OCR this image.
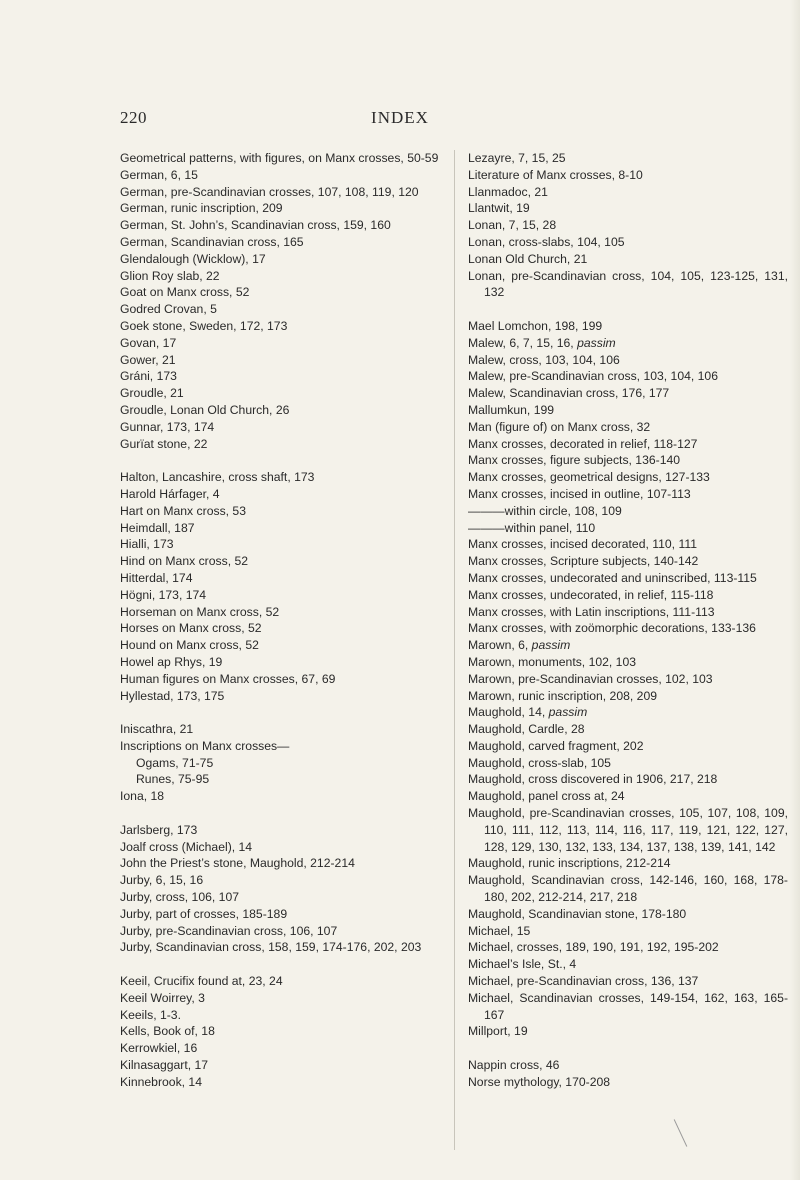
220	INDEX

Geometrical patterns, with figures, on Manx crosses, 50-59

German, 6, 15

German, pre-Scandinavian crosses, 107, 108, 119, 120

German, runic inscription, 209

German, St. John’s, Scandinavian cross, 159, 160

German, Scandinavian cross, 165

Glendalough (Wicklow), 17

Glion Roy slab, 22

Goat on Manx cross, 52

Godred Crovan, 5

Goek stone, Sweden, 172, 173

Govan, 17

Gower, 21

Gráni, 173

Groudle, 21

Groudle, Lonan Old Church, 26

Gunnar, 173, 174

Gurïat stone, 22

Halton, Lancashire, cross shaft, 173

Harold Hárfager, 4

Hart on Manx cross, 53

Heimdall, 187

Hialli, 173

Hind on Manx cross, 52

Hitterdal, 174

Högni, 173, 174

Horseman on Manx cross, 52

Horses on Manx cross, 52

Hound on Manx cross, 52

Howel ap Rhys, 19

Human figures on Manx crosses, 67, 69

Hyllestad, 173, 175

Iniscathra, 21

Inscriptions on Manx crosses—

Ogams, 71-75

Runes, 75-95

Iona, 18

Jarlsberg, 173

Joalf cross (Michael), 14

John the Priest’s stone, Maughold, 212-214

Jurby, 6, 15, 16

Jurby, cross, 106, 107

Jurby, part of crosses, 185-189

Jurby, pre-Scandinavian cross, 106, 107

Jurby, Scandinavian cross, 158, 159, 174-176, 202, 203

Keeil, Crucifix found at, 23, 24

Keeil Woirrey, 3

Keeils, 1-3.

Kells, Book of, 18

Kerrowkiel, 16

Kilnasaggart, 17

Kinnebrook, 14

Lezayre, 7, 15, 25

Literature of Manx crosses, 8-10

Llanmadoc, 21

Llantwit, 19

Lonan, 7, 15, 28

Lonan, cross-slabs, 104, 105

Lonan Old Church, 21

Lonan, pre-Scandinavian cross, 104, 105, 123-125, 131, 132

Mael Lomchon, 198, 199

Malew, 6, 7, 15, 16, passim

Malew, cross, 103, 104, 106

Malew, pre-Scandinavian cross, 103, 104, 106

Malew, Scandinavian cross, 176, 177

Mallumkun, 199

Man (figure of) on Manx cross, 32

Manx crosses, decorated in relief, 118-127

Manx crosses, figure subjects, 136-140

Manx crosses, geometrical designs, 127-133

Manx crosses, incised in outline, 107-113

———within circle, 108, 109

———within panel, 110

Manx crosses, incised decorated, 110, 111

Manx crosses, Scripture subjects, 140-142

Manx crosses, undecorated and uninscribed, 113-115

Manx crosses, undecorated, in relief, 115-118

Manx crosses, with Latin inscriptions, 111-113

Manx crosses, with zoömorphic decorations, 133-136

Marown, 6, passim

Marown, monuments, 102, 103

Marown, pre-Scandinavian crosses, 102, 103

Marown, runic inscription, 208, 209

Maughold, 14, passim

Maughold, Cardle, 28

Maughold, carved fragment, 202

Maughold, cross-slab, 105

Maughold, cross discovered in 1906, 217, 218

Maughold, panel cross at, 24

Maughold, pre-Scandinavian crosses, 105, 107, 108, 109, 110, 111, 112, 113, 114, 116, 117, 119, 121, 122, 127, 128, 129, 130, 132, 133, 134, 137, 138, 139, 141, 142

Maughold, runic inscriptions, 212-214

Maughold, Scandinavian cross, 142-146, 160, 168, 178-180, 202, 212-214, 217, 218

Maughold, Scandinavian stone, 178-180

Michael, 15

Michael, crosses, 189, 190, 191, 192, 195-202

Michael’s Isle, St., 4

Michael, pre-Scandinavian cross, 136, 137

Michael, Scandinavian crosses, 149-154, 162, 163, 165-167

Millport, 19

Nappin cross, 46

Norse mythology, 170-208
